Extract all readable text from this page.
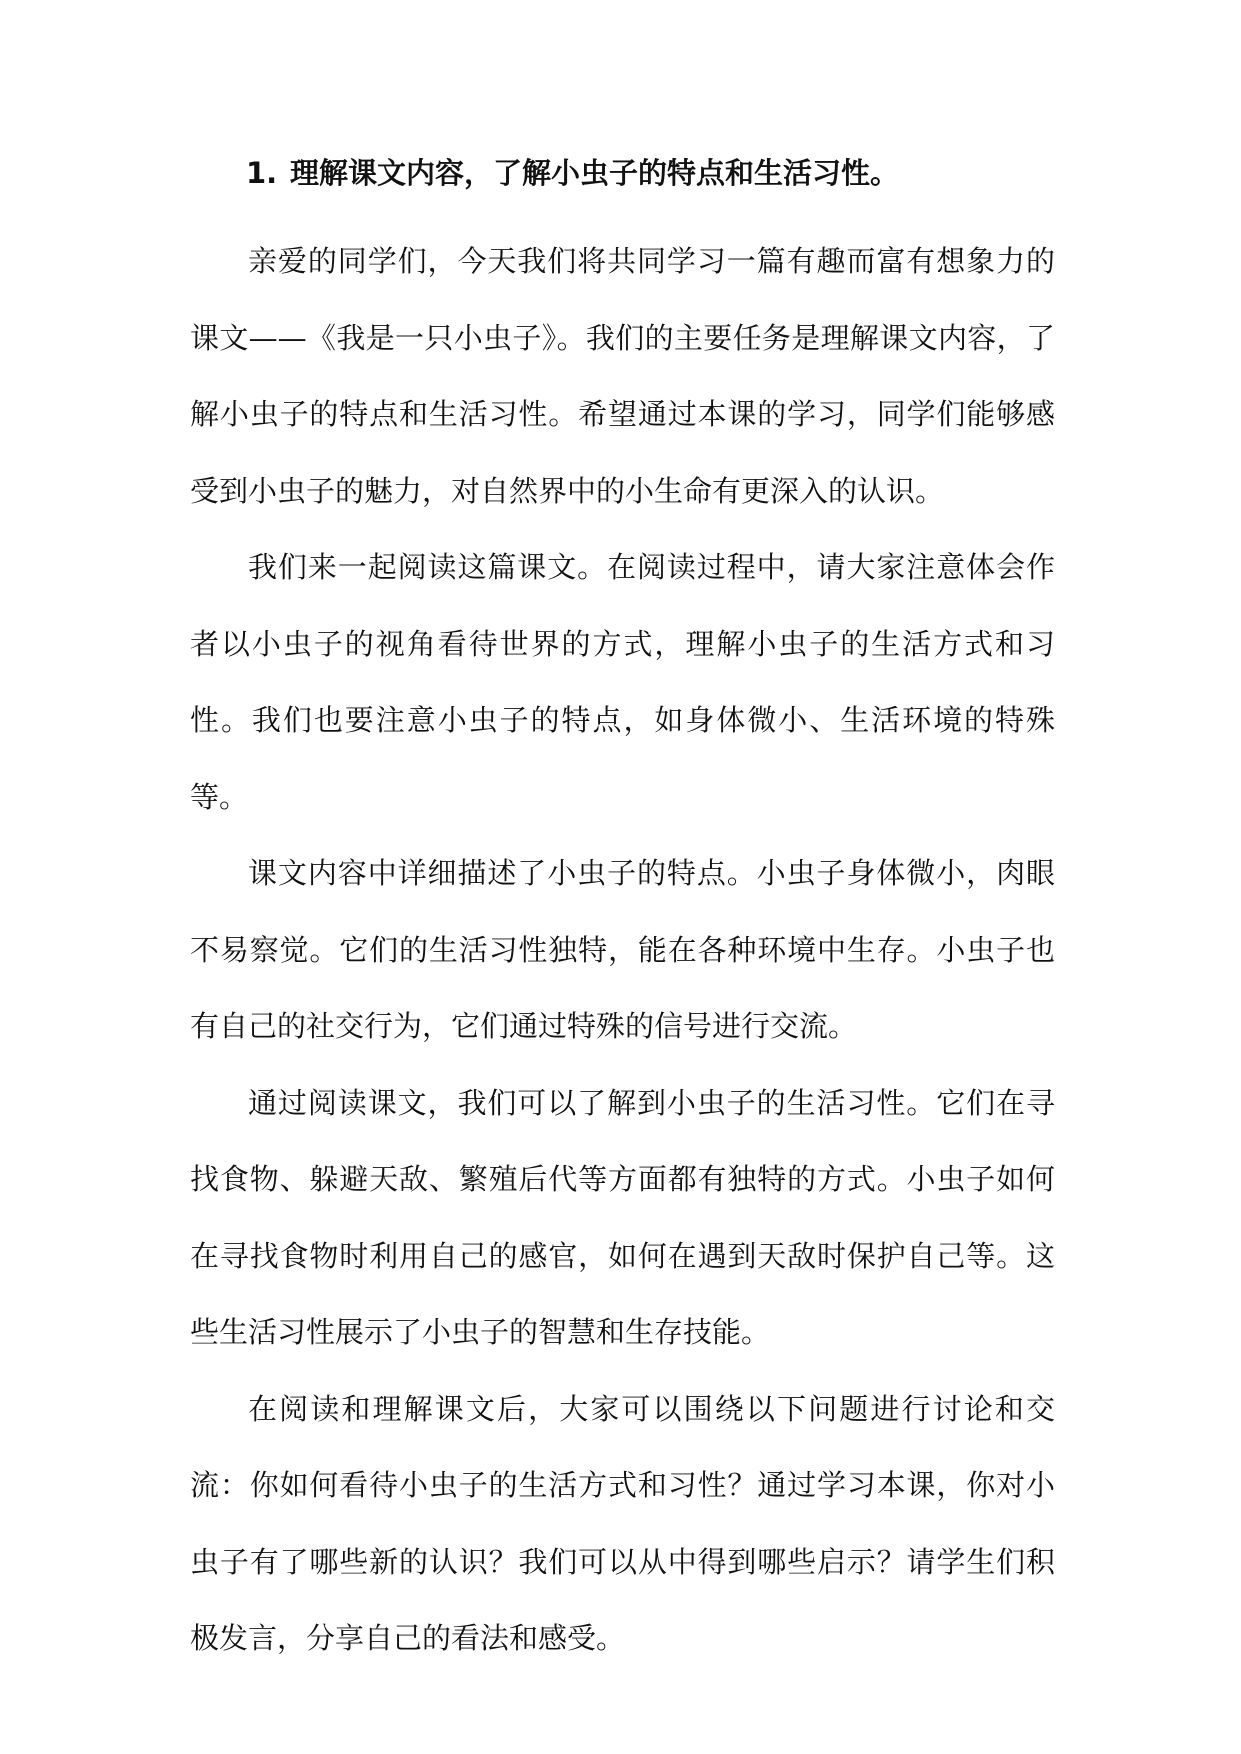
1. 理解课文内容，了解小虫子的特点和生活习性。

亲爱的同学们，今天我们将共同学习一篇有趣而富有想象力的课文——《我是一只小虫子》。我们的主要任务是理解课文内容，了解小虫子的特点和生活习性。希望通过本课的学习，同学们能够感受到小虫子的魅力，对自然界中的小生命有更深入的认识。

我们来一起阅读这篇课文。在阅读过程中，请大家注意体会作者以小虫子的视角看待世界的方式，理解小虫子的生活方式和习性。我们也要注意小虫子的特点，如身体微小、生活环境的特殊等。

课文内容中详细描述了小虫子的特点。小虫子身体微小，肉眼不易察觉。它们的生活习性独特，能在各种环境中生存。小虫子也有自己的社交行为，它们通过特殊的信号进行交流。

通过阅读课文，我们可以了解到小虫子的生活习性。它们在寻找食物、躲避天敌、繁殖后代等方面都有独特的方式。小虫子如何在寻找食物时利用自己的感官，如何在遇到天敌时保护自己等。这些生活习性展示了小虫子的智慧和生存技能。

在阅读和理解课文后，大家可以围绕以下问题进行讨论和交流：你如何看待小虫子的生活方式和习性？通过学习本课，你对小虫子有了哪些新的认识？我们可以从中得到哪些启示？请学生们积极发言，分享自己的看法和感受。
